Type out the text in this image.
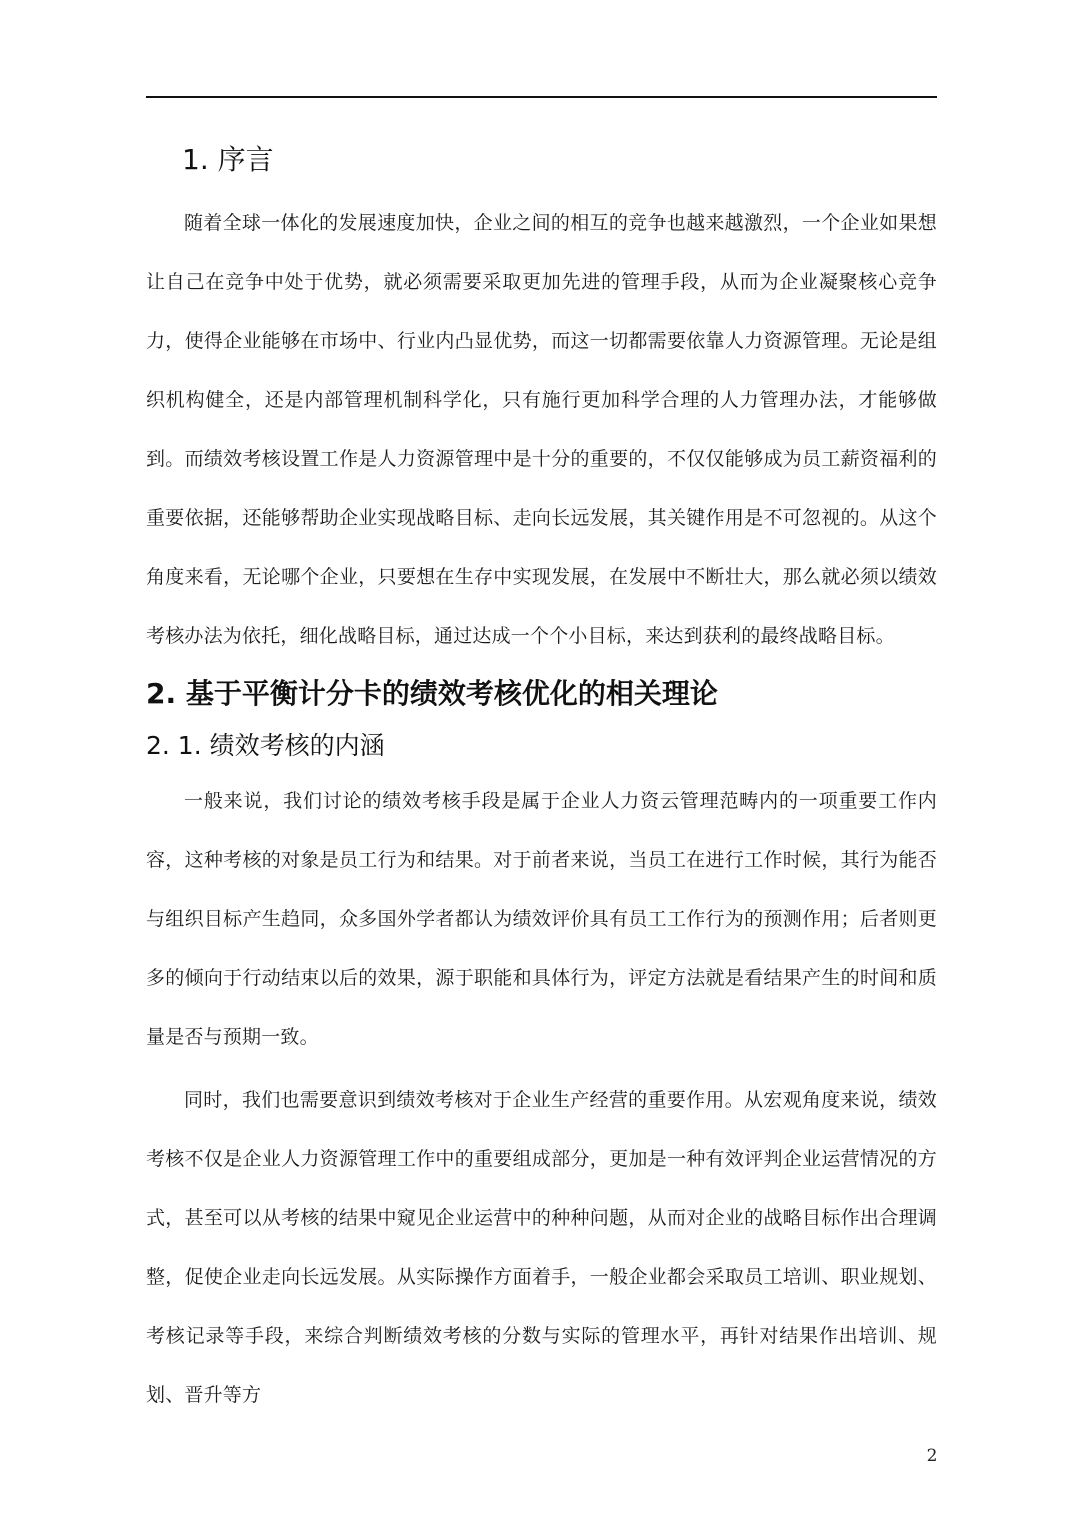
1. 序言

随着全球一体化的发展速度加快，企业之间的相互的竞争也越来越激烈，一个企业如果想让自己在竞争中处于优势，就必须需要采取更加先进的管理手段，从而为企业凝聚核心竞争力，使得企业能够在市场中、行业内凸显优势，而这一切都需要依靠人力资源管理。无论是组织机构健全，还是内部管理机制科学化，只有施行更加科学合理的人力管理办法，才能够做到。而绩效考核设置工作是人力资源管理中是十分的重要的，不仅仅能够成为员工薪资福利的重要依据，还能够帮助企业实现战略目标、走向长远发展，其关键作用是不可忽视的。从这个角度来看，无论哪个企业，只要想在生存中实现发展，在发展中不断壮大，那么就必须以绩效考核办法为依托，细化战略目标，通过达成一个个小目标，来达到获利的最终战略目标。

2. 基于平衡计分卡的绩效考核优化的相关理论
2. 1. 绩效考核的内涵

一般来说，我们讨论的绩效考核手段是属于企业人力资云管理范畴内的一项重要工作内容，这种考核的对象是员工行为和结果。对于前者来说，当员工在进行工作时候，其行为能否与组织目标产生趋同，众多国外学者都认为绩效评价具有员工工作行为的预测作用；后者则更多的倾向于行动结束以后的效果，源于职能和具体行为，评定方法就是看结果产生的时间和质量是否与预期一致。

同时，我们也需要意识到绩效考核对于企业生产经营的重要作用。从宏观角度来说，绩效考核不仅是企业人力资源管理工作中的重要组成部分，更加是一种有效评判企业运营情况的方式，甚至可以从考核的结果中窥见企业运营中的种种问题，从而对企业的战略目标作出合理调整，促使企业走向长远发展。从实际操作方面着手，一般企业都会采取员工培训、职业规划、考核记录等手段，来综合判断绩效考核的分数与实际的管理水平，再针对结果作出培训、规划、晋升等方

2
